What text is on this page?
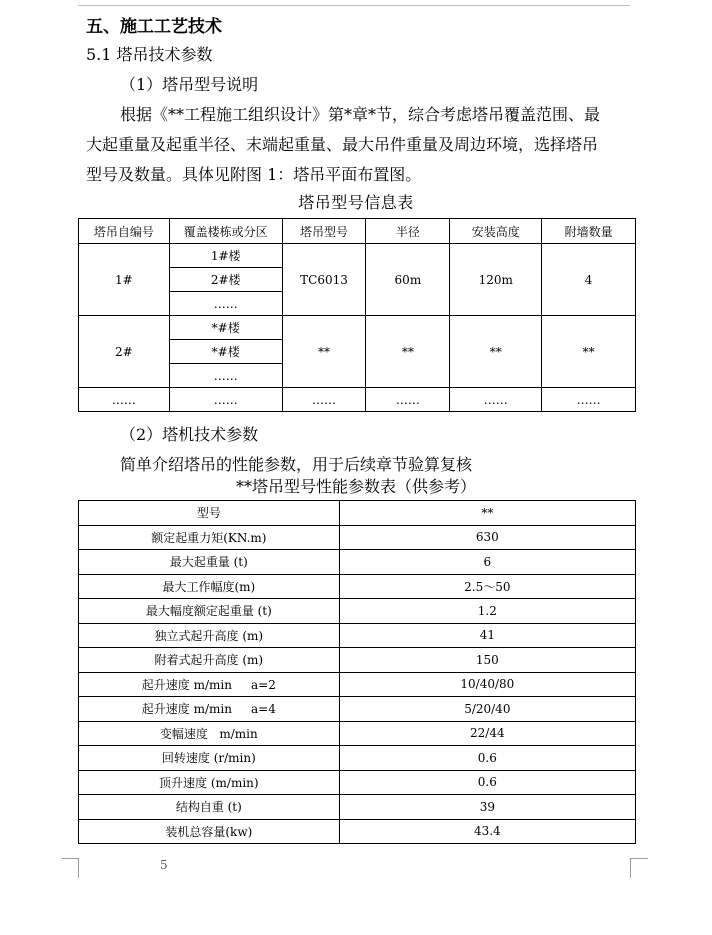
五、施工工艺技术
5.1 塔吊技术参数
（1）塔吊型号说明
根据《**工程施工组织设计》第*章*节，综合考虑塔吊覆盖范围、最
大起重量及起重半径、末端起重量、最大吊件重量及周边环境，选择塔吊
型号及数量。具体见附图 1：塔吊平面布置图。
塔吊型号信息表
塔吊自编号	覆盖楼栋或分区	塔吊型号	半径	安装高度	附墙数量
1#	1#楼	TC6013	60m	120m	4
	2#楼				
	……				
2#	*#楼	**	**	**	**
	*#楼				
	……				
……	……	……	……	……	……
（2）塔机技术参数
简单介绍塔吊的性能参数，用于后续章节验算复核
**塔吊型号性能参数表（供参考）
型号	**
额定起重力矩(KN.m)	630
最大起重量 (t)	6
最大工作幅度(m)	2.5～50
最大幅度额定起重量 (t)	1.2
独立式起升高度 (m)	41
附着式起升高度 (m)	150
起升速度 m/min     a=2	10/40/80
起升速度 m/min     a=4	5/20/40
变幅速度   m/min	22/44
回转速度 (r/min)	0.6
顶升速度 (m/min)	0.6
结构自重 (t)	39
装机总容量(kw)	43.4
5
